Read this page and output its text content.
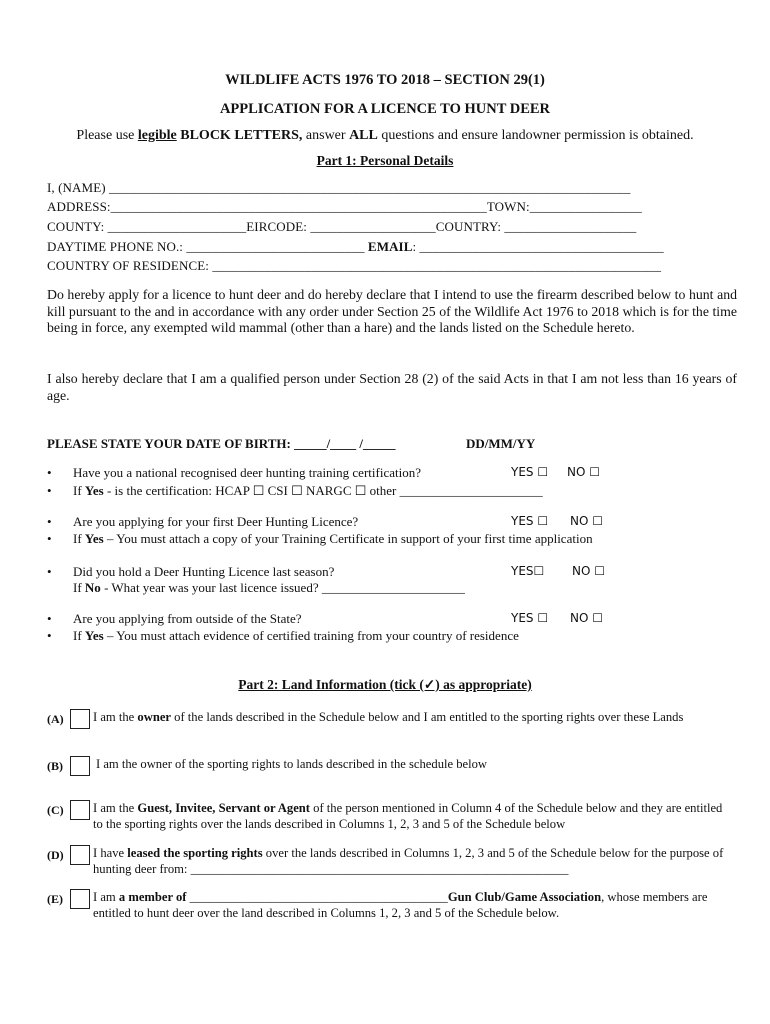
WILDLIFE ACTS 1976 TO 2018 – SECTION 29(1)
APPLICATION FOR A LICENCE TO HUNT DEER
Please use legible BLOCK LETTERS, answer ALL questions and ensure landowner permission is obtained.
Part 1: Personal Details
I, (NAME) _______________________________________________________________________________
ADDRESS:_________________________________________________________TOWN:_________________
COUNTY: _____________________EIRCODE: ___________________COUNTRY: ____________________
DAYTIME PHONE NO.: ___________________________ EMAIL: _____________________________________
COUNTRY OF RESIDENCE: ____________________________________________________________________
Do hereby apply for a licence to hunt deer and do hereby declare that I intend to use the firearm described below to hunt and kill pursuant to the and in accordance with any order under Section 25 of the Wildlife Act 1976 to 2018 which is for the time being in force, any exempted wild mammal (other than a hare) and the lands listed on the Schedule hereto.
I also hereby declare that I am a qualified person under Section 28 (2) of the said Acts in that I am not less than 16 years of age.
PLEASE STATE YOUR DATE OF BIRTH: _____/____ /_____	DD/MM/YY
• Have you a national recognised deer hunting training certification?	YES ☐ NO ☐
• If Yes - is the certification: HCAP ☐ CSI ☐ NARGC ☐ other ______________________
• Are you applying for your first Deer Hunting Licence?	YES ☐ NO ☐
• If Yes – You must attach a copy of your Training Certificate in support of your first time application
• Did you hold a Deer Hunting Licence last season?	YES☐ NO ☐
If No - What year was your last licence issued? ______________________
• Are you applying from outside of the State?	YES ☐ NO ☐
• If Yes – You must attach evidence of certified training from your country of residence
Part 2: Land Information (tick (✓) as appropriate)
(A) I am the owner of the lands described in the Schedule below and I am entitled to the sporting rights over these Lands
(B)	I am the owner of the sporting rights to lands described in the schedule below
(C) I am the Guest, Invitee, Servant or Agent of the person mentioned in Column 4 of the Schedule below and they are entitled to the sporting rights over the lands described in Columns 1, 2, 3 and 5 of the Schedule below
(D) I have leased the sporting rights over the lands described in Columns 1, 2, 3 and 5 of the Schedule below for the purpose of hunting deer from: ____________________________________________________________
(E) I am a member of _________________________________________Gun Club/Game Association, whose members are entitled to hunt deer over the land described in Columns 1, 2, 3 and 5 of the Schedule below.
